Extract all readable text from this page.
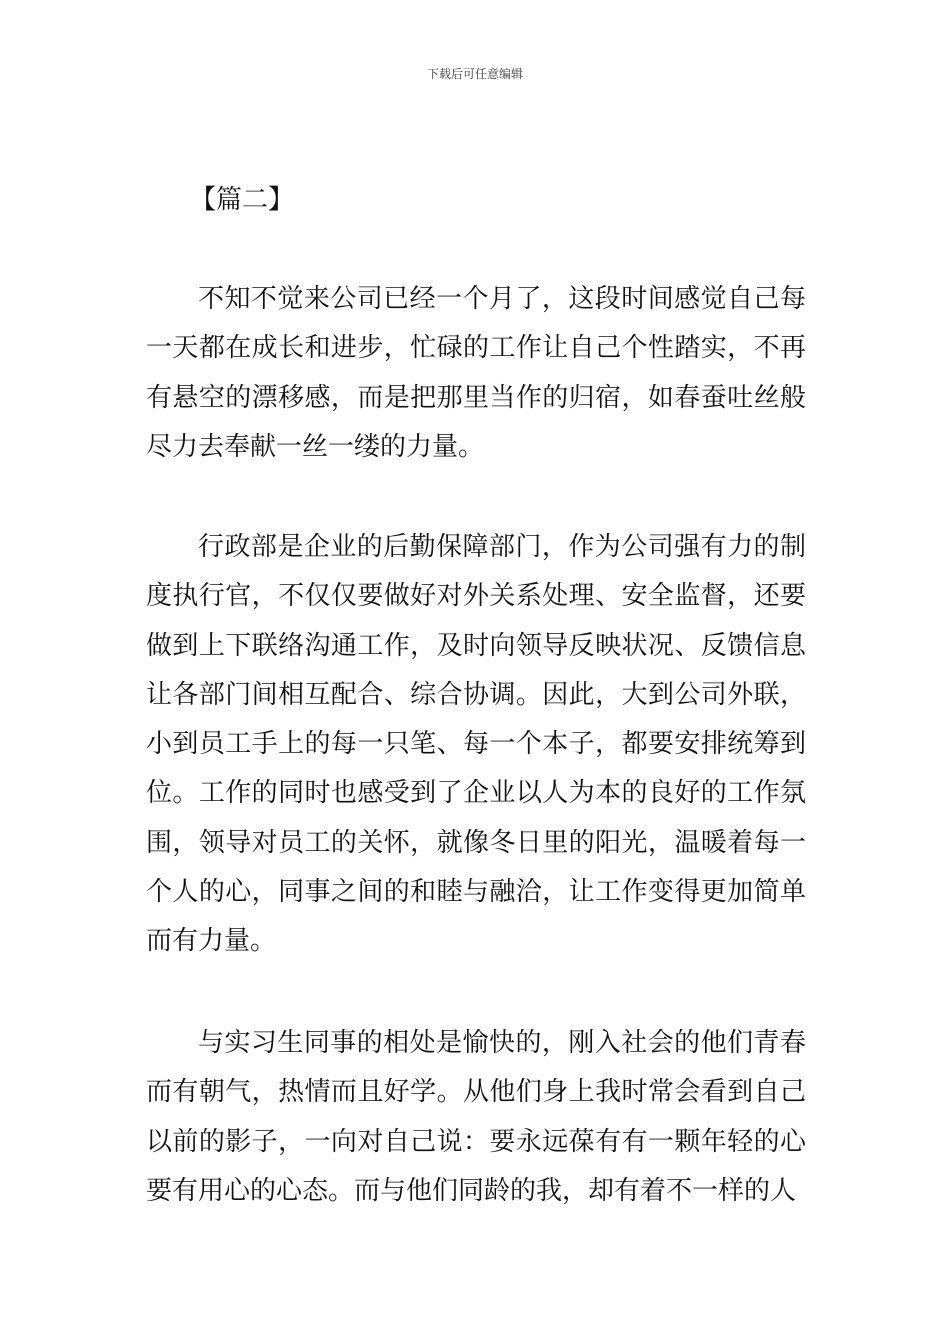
下载后可任意编辑
【篇二】

不知不觉来公司已经一个月了，这段时间感觉自己每一天都在成长和进步，忙碌的工作让自己个性踏实，不再有悬空的漂移感，而是把那里当作的归宿，如春蚕吐丝般尽力去奉献一丝一缕的力量。

行政部是企业的后勤保障部门，作为公司强有力的制度执行官，不仅仅要做好对外关系处理、安全监督，还要做到上下联络沟通工作，及时向领导反映状况、反馈信息让各部门间相互配合、综合协调。因此，大到公司外联，小到员工手上的每一只笔、每一个本子，都要安排统筹到位。工作的同时也感受到了企业以人为本的良好的工作氛围，领导对员工的关怀，就像冬日里的阳光，温暖着每一个人的心，同事之间的和睦与融洽，让工作变得更加简单而有力量。

与实习生同事的相处是愉快的，刚入社会的他们青春而有朝气，热情而且好学。从他们身上我时常会看到自己以前的影子，一向对自己说：要永远葆有有一颗年轻的心要有用心的心态。而与他们同龄的我，却有着不一样的人
